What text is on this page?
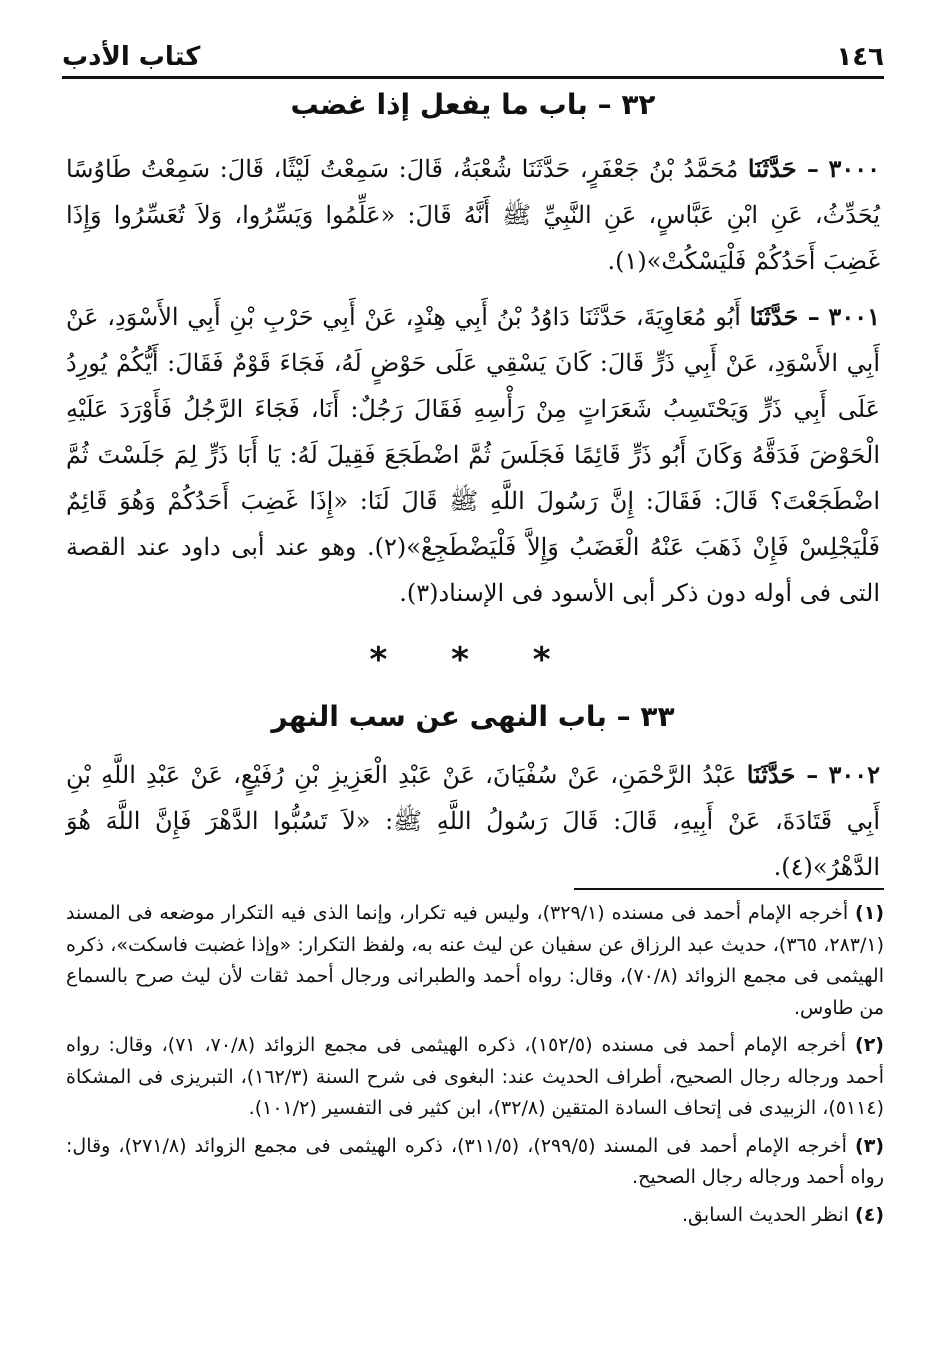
١٤٦
كتاب الأدب
٣٢ – باب ما يفعل إذا غضب

٣٠٠٠ – حَدَّثَنَا مُحَمَّدُ بْنُ جَعْفَرٍ، حَدَّثَنَا شُعْبَةُ، قَالَ: سَمِعْتُ لَيْثًا، قَالَ: سَمِعْتُ طَاوُسًا يُحَدِّثُ، عَنِ ابْنِ عَبَّاسٍ، عَنِ النَّبِيِّ ﷺ أَنَّهُ قَالَ: «عَلِّمُوا وَيَسِّرُوا، وَلاَ تُعَسِّرُوا وَإِذَا غَضِبَ أَحَدُكُمْ فَلْيَسْكُتْ»(١).

٣٠٠١ – حَدَّثَنَا أَبُو مُعَاوِيَةَ، حَدَّثَنَا دَاوُدُ بْنُ أَبِي هِنْدٍ، عَنْ أَبِي حَرْبِ بْنِ أَبِي الأَسْوَدِ، عَنْ أَبِي الأَسْوَدِ، عَنْ أَبِي ذَرٍّ قَالَ: كَانَ يَسْقِي عَلَى حَوْضٍ لَهُ، فَجَاءَ قَوْمٌ فَقَالَ: أَيُّكُمْ يُورِدُ عَلَى أَبِي ذَرٍّ وَيَحْتَسِبُ شَعَرَاتٍ مِنْ رَأْسِهِ فَقَالَ رَجُلٌ: أَنَا، فَجَاءَ الرَّجُلُ فَأَوْرَدَ عَلَيْهِ الْحَوْضَ فَدَقَّهُ وَكَانَ أَبُو ذَرٍّ قَائِمًا فَجَلَسَ ثُمَّ اضْطَجَعَ فَقِيلَ لَهُ: يَا أَبَا ذَرٍّ لِمَ جَلَسْتَ ثُمَّ اضْطَجَعْتَ؟ قَالَ: فَقَالَ: إِنَّ رَسُولَ اللَّهِ ﷺ قَالَ لَنَا: «إِذَا غَضِبَ أَحَدُكُمْ وَهُوَ قَائِمٌ فَلْيَجْلِسْ فَإِنْ ذَهَبَ عَنْهُ الْغَضَبُ وَإِلاَّ فَلْيَضْطَجِعْ»(٢). وهو عند أبى داود عند القصة التى فى أوله دون ذكر أبى الأسود فى الإسناد(٣).

* * *
٣٣ – باب النهى عن سب النهر

٣٠٠٢ – حَدَّثَنَا عَبْدُ الرَّحْمَنِ، عَنْ سُفْيَانَ، عَنْ عَبْدِ الْعَزِيزِ بْنِ رُفَيْعٍ، عَنْ عَبْدِ اللَّهِ بْنِ أَبِي قَتَادَةَ، عَنْ أَبِيهِ، قَالَ: قَالَ رَسُولُ اللَّهِ ﷺ: «لاَ تَسُبُّوا الدَّهْرَ فَإِنَّ اللَّهَ هُوَ الدَّهْرُ»(٤).

(١) أخرجه الإمام أحمد فى مسنده (٣٢٩/١)، وليس فيه تكرار، وإنما الذى فيه التكرار موضعه فى المسند (٢٨٣/١، ٣٦٥)، حديث عبد الرزاق عن سفيان عن ليث عنه به، ولفظ التكرار: «وإذا غضبت فاسكت»، ذكره الهيثمى فى مجمع الزوائد (٧٠/٨)، وقال: رواه أحمد والطبرانى ورجال أحمد ثقات لأن ليث صرح بالسماع من طاوس.

(٢) أخرجه الإمام أحمد فى مسنده (١٥٢/٥)، ذكره الهيثمى فى مجمع الزوائد (٧٠/٨، ٧١)، وقال: رواه أحمد ورجاله رجال الصحيح، أطراف الحديث عند: البغوى فى شرح السنة (١٦٢/٣)، التبريزى فى المشكاة (٥١١٤)، الزبيدى فى إتحاف السادة المتقين (٣٢/٨)، ابن كثير فى التفسير (١٠١/٢).

(٣) أخرجه الإمام أحمد فى المسند (٢٩٩/٥)، (٣١١/٥)، ذكره الهيثمى فى مجمع الزوائد (٢٧١/٨)، وقال: رواه أحمد ورجاله رجال الصحيح.

(٤) انظر الحديث السابق.
